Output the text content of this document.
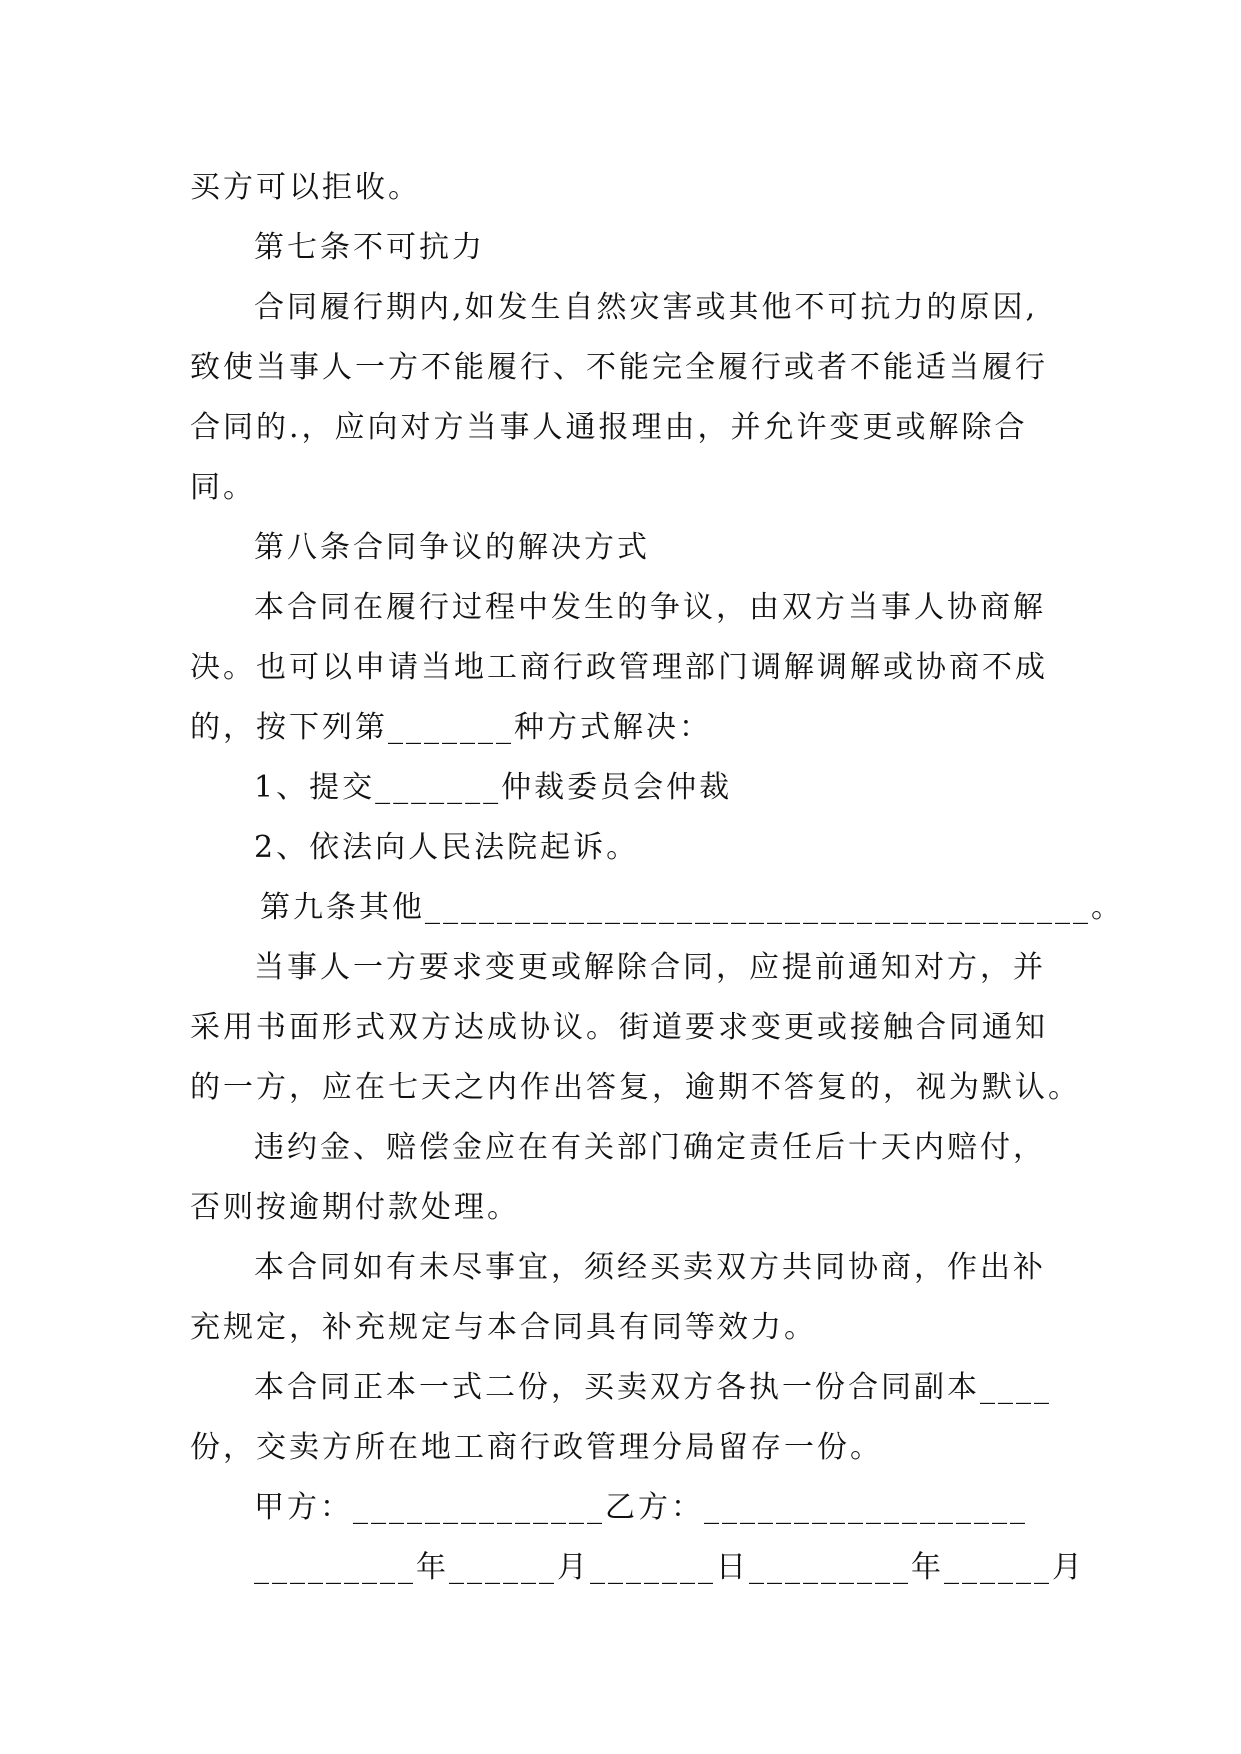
买方可以拒收。
第七条不可抗力
合同履行期内,如发生自然灾害或其他不可抗力的原因,
致使当事人一方不能履行、不能完全履行或者不能适当履行
合同的.，应向对方当事人通报理由，并允许变更或解除合
同。
第八条合同争议的解决方式
本合同在履行过程中发生的争议，由双方当事人协商解
决。也可以申请当地工商行政管理部门调解调解或协商不成
的，按下列第_______种方式解决：
1、提交_______仲裁委员会仲裁
2、依法向人民法院起诉。
第九条其他_____________________________________。
当事人一方要求变更或解除合同，应提前通知对方，并
采用书面形式双方达成协议。街道要求变更或接触合同通知
的一方，应在七天之内作出答复，逾期不答复的，视为默认。
违约金、赔偿金应在有关部门确定责任后十天内赔付，
否则按逾期付款处理。
本合同如有未尽事宜，须经买卖双方共同协商，作出补
充规定，补充规定与本合同具有同等效力。
本合同正本一式二份，买卖双方各执一份合同副本____
份，交卖方所在地工商行政管理分局留存一份。
甲方：______________乙方：__________________
_________年______月_______日_________年______月
